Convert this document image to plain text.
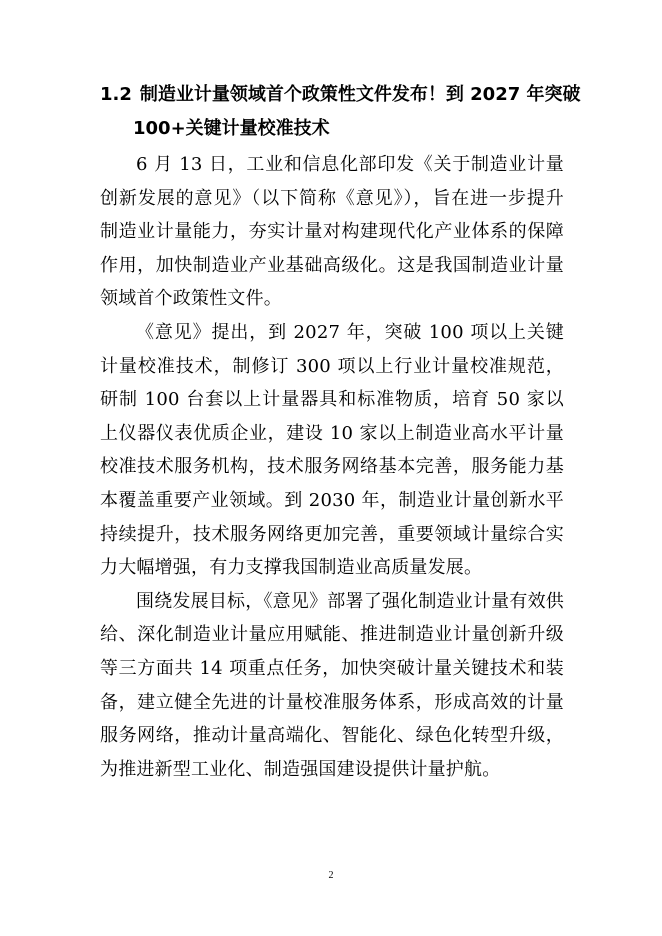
1.2 制造业计量领域首个政策性文件发布！到 2027 年突破
100+关键计量校准技术

6 月 13 日，工业和信息化部印发《关于制造业计量创新发展的意见》（以下简称《意见》），旨在进一步提升制造业计量能力，夯实计量对构建现代化产业体系的保障作用，加快制造业产业基础高级化。这是我国制造业计量领域首个政策性文件。

《意见》提出，到 2027 年，突破 100 项以上关键计量校准技术，制修订 300 项以上行业计量校准规范，研制 100 台套以上计量器具和标准物质，培育 50 家以上仪器仪表优质企业，建设 10 家以上制造业高水平计量校准技术服务机构，技术服务网络基本完善，服务能力基本覆盖重要产业领域。到 2030 年，制造业计量创新水平持续提升，技术服务网络更加完善，重要领域计量综合实力大幅增强，有力支撑我国制造业高质量发展。

围绕发展目标，《意见》部署了强化制造业计量有效供给、深化制造业计量应用赋能、推进制造业计量创新升级等三方面共 14 项重点任务，加快突破计量关键技术和装备，建立健全先进的计量校准服务体系，形成高效的计量服务网络，推动计量高端化、智能化、绿色化转型升级，为推进新型工业化、制造强国建设提供计量护航。

2
